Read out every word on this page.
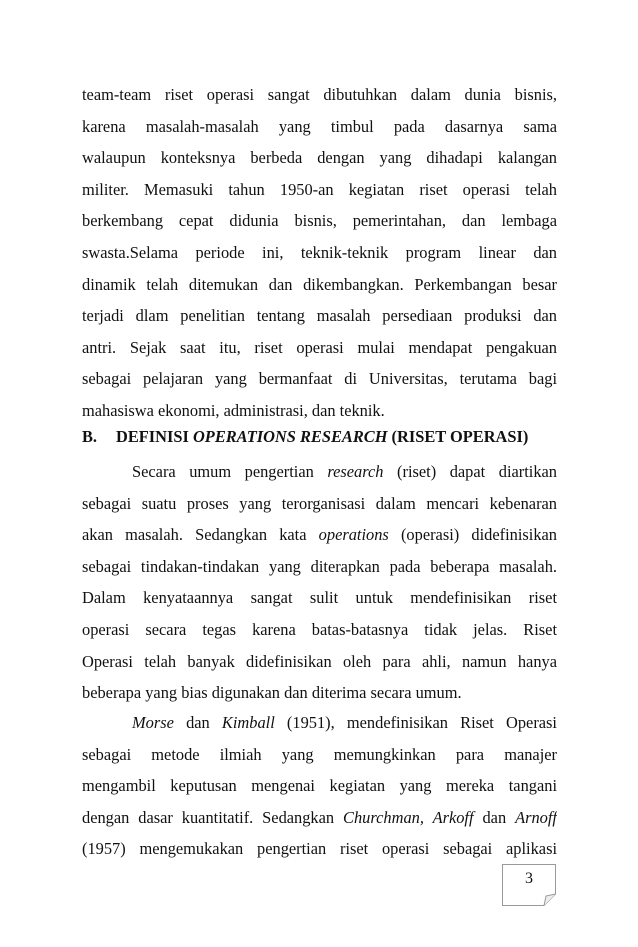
team-team riset operasi sangat dibutuhkan dalam dunia bisnis,
karena masalah-masalah yang timbul pada dasarnya sama
walaupun konteksnya berbeda dengan yang dihadapi kalangan
militer. Memasuki tahun 1950-an kegiatan riset operasi telah
berkembang cepat didunia bisnis, pemerintahan, dan lembaga
swasta.Selama periode ini, teknik-teknik program linear dan
dinamik telah ditemukan dan dikembangkan. Perkembangan besar
terjadi dlam penelitian tentang masalah persediaan produksi dan
antri. Sejak saat itu, riset operasi mulai mendapat pengakuan
sebagai pelajaran yang bermanfaat di Universitas, terutama bagi
mahasiswa ekonomi, administrasi, dan teknik.
B. DEFINISI OPERATIONS RESEARCH (RISET OPERASI)
Secara umum pengertian research (riset) dapat diartikan
sebagai suatu proses yang terorganisasi dalam mencari kebenaran
akan masalah. Sedangkan kata operations (operasi) didefinisikan
sebagai tindakan-tindakan yang diterapkan pada beberapa masalah.
Dalam kenyataannya sangat sulit untuk mendefinisikan riset
operasi secara tegas karena batas-batasnya tidak jelas. Riset
Operasi telah banyak didefinisikan oleh para ahli, namun hanya
beberapa yang bias digunakan dan diterima secara umum.
Morse dan Kimball (1951), mendefinisikan Riset Operasi
sebagai metode ilmiah yang memungkinkan para manajer
mengambil keputusan mengenai kegiatan yang mereka tangani
dengan dasar kuantitatif. Sedangkan Churchman, Arkoff dan Arnoff
(1957) mengemukakan pengertian riset operasi sebagai aplikasi
3
